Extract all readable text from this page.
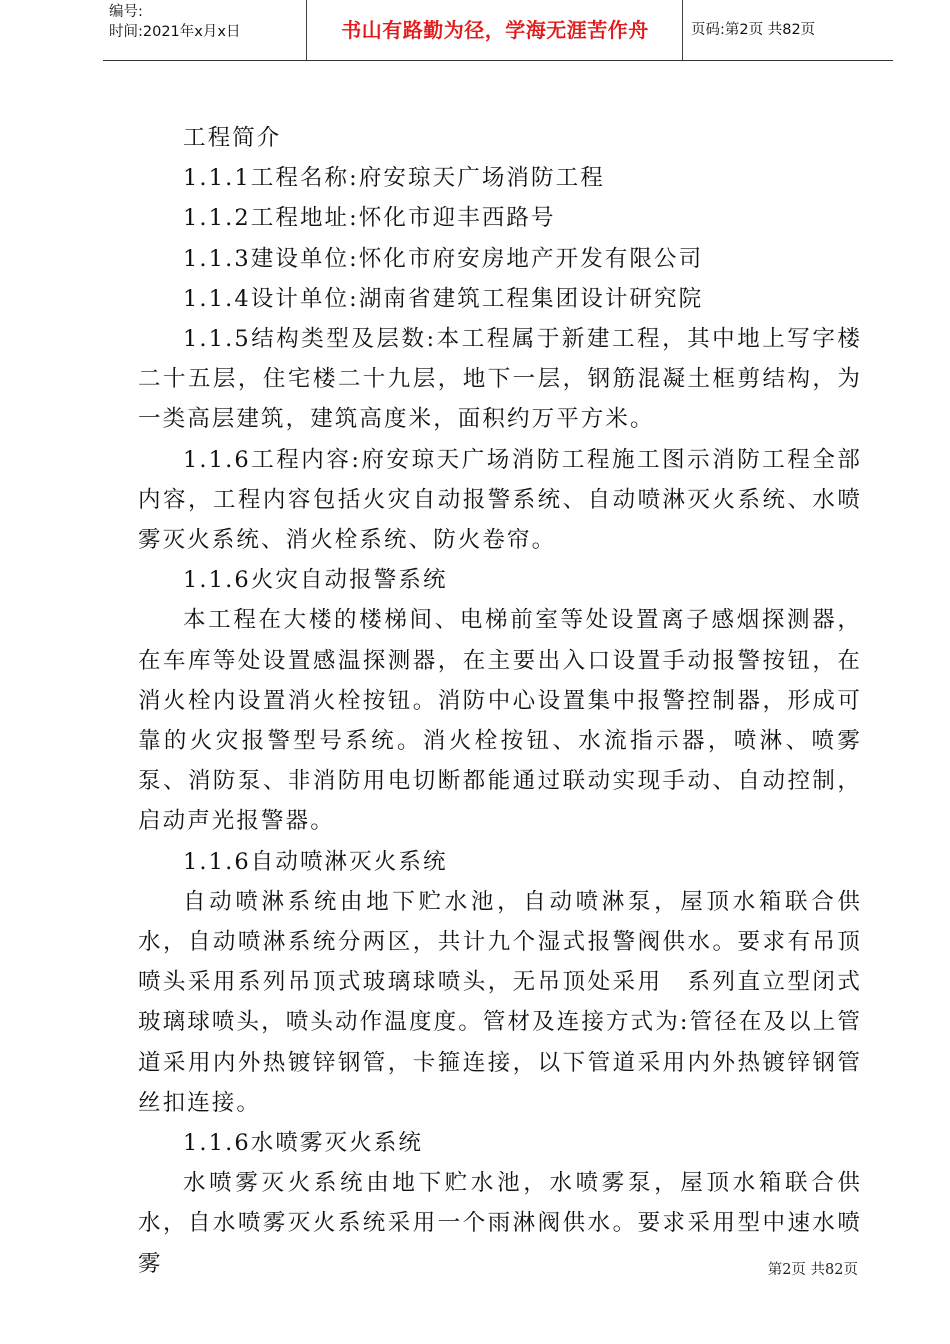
编号:
时间:2021年x月x日	书山有路勤为径，学海无涯苦作舟	页码:第2页 共82页

工程简介

1.1.1工程名称:府安琼天广场消防工程

1.1.2工程地址:怀化市迎丰西路号

1.1.3建设单位:怀化市府安房地产开发有限公司

1.1.4设计单位:湖南省建筑工程集团设计研究院

1.1.5结构类型及层数:本工程属于新建工程，其中地上写字楼二十五层，住宅楼二十九层，地下一层，钢筋混凝土框剪结构，为一类高层建筑，建筑高度米，面积约万平方米。

1.1.6工程内容:府安琼天广场消防工程施工图示消防工程全部内容，工程内容包括火灾自动报警系统、自动喷淋灭火系统、水喷雾灭火系统、消火栓系统、防火卷帘。

1.1.6火灾自动报警系统

本工程在大楼的楼梯间、电梯前室等处设置离子感烟探测器，在车库等处设置感温探测器，在主要出入口设置手动报警按钮，在消火栓内设置消火栓按钮。消防中心设置集中报警控制器，形成可靠的火灾报警型号系统。消火栓按钮、水流指示器，喷淋、喷雾泵、消防泵、非消防用电切断都能通过联动实现手动、自动控制，启动声光报警器。

1.1.6自动喷淋灭火系统

自动喷淋系统由地下贮水池，自动喷淋泵，屋顶水箱联合供水，自动喷淋系统分两区，共计九个湿式报警阀供水。要求有吊顶喷头采用系列吊顶式玻璃球喷头，无吊顶处采用　系列直立型闭式玻璃球喷头，喷头动作温度度。管材及连接方式为:管径在及以上管道采用内外热镀锌钢管，卡箍连接，以下管道采用内外热镀锌钢管丝扣连接。

1.1.6水喷雾灭火系统

水喷雾灭火系统由地下贮水池，水喷雾泵，屋顶水箱联合供水，自水喷雾灭火系统采用一个雨淋阀供水。要求采用型中速水喷雾	第2页 共82页
